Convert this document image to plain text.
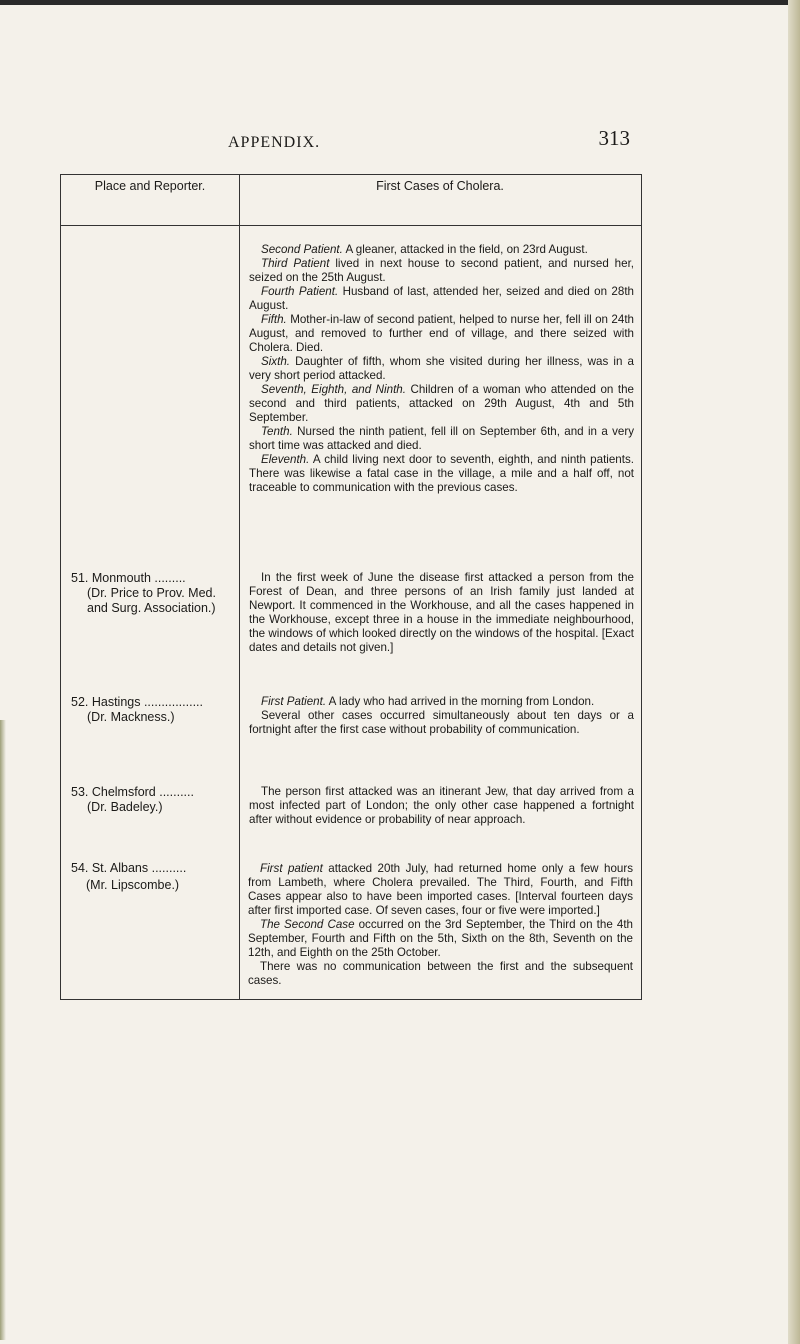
APPENDIX.	313
Place and Reporter.	First Cases of Cholera.

Second Patient. A gleaner, attacked in the field, on 23rd August.

Third Patient lived in next house to second patient, and nursed her, seized on the 25th August.

Fourth Patient. Husband of last, attended her, seized and died on 28th August.

Fifth. Mother-in-law of second patient, helped to nurse her, fell ill on 24th August, and removed to further end of village, and there seized with Cholera. Died.

Sixth. Daughter of fifth, whom she visited during her illness, was in a very short period attacked.

Seventh, Eighth, and Ninth. Children of a woman who attended on the second and third patients, attacked on 29th August, 4th and 5th September.

Tenth. Nursed the ninth patient, fell ill on September 6th, and in a very short time was attacked and died.

Eleventh. A child living next door to seventh, eighth, and ninth patients. There was likewise a fatal case in the village, a mile and a half off, not traceable to communication with the previous cases.

51. Monmouth .........
(Dr. Price to Prov. Med. and Surg. Association.)

In the first week of June the disease first attacked a person from the Forest of Dean, and three persons of an Irish family just landed at Newport. It commenced in the Workhouse, and all the cases happened in the Workhouse, except three in a house in the immediate neighbourhood, the windows of which looked directly on the windows of the hospital. [Exact dates and details not given.]

52. Hastings .................
(Dr. Mackness.)

First Patient. A lady who had arrived in the morning from London.

Several other cases occurred simultaneously about ten days or a fortnight after the first case without probability of communication.

53. Chelmsford ..........
(Dr. Badeley.)

The person first attacked was an itinerant Jew, that day arrived from a most infected part of London; the only other case happened a fortnight after without evidence or probability of near approach.

54. St. Albans ..........
(Mr. Lipscombe.)

First patient attacked 20th July, had returned home only a few hours from Lambeth, where Cholera prevailed. The Third, Fourth, and Fifth Cases appear also to have been imported cases. [Interval fourteen days after first imported case. Of seven cases, four or five were imported.]

The Second Case occurred on the 3rd September, the Third on the 4th September, Fourth and Fifth on the 5th, Sixth on the 8th, Seventh on the 12th, and Eighth on the 25th October.

There was no communication between the first and the subsequent cases.
